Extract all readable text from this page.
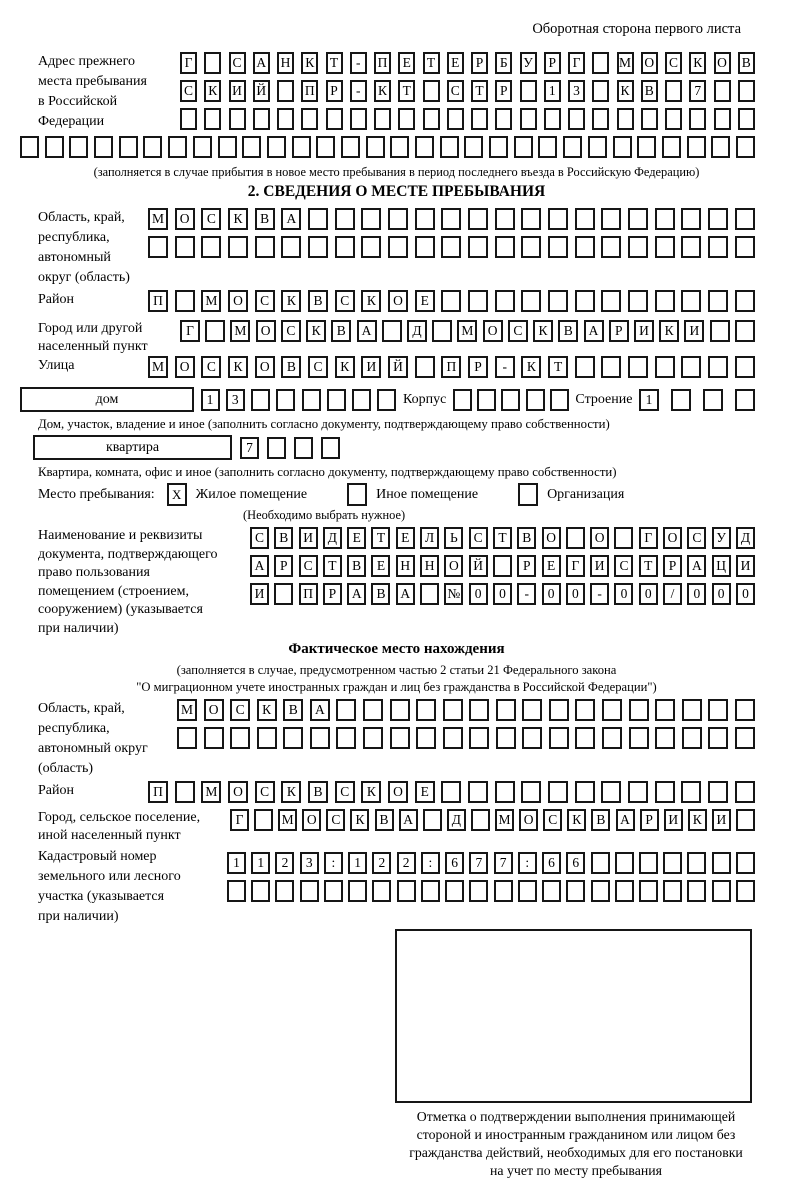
Оборотная сторона первого листа
Адрес прежнего
места пребывания
в Российской
Федерации
Г	С А Н К	Т	-	П	Е	Т	Е	Р	Б	У	Р	Г	М О С К О В
С К И Й	П	Р	-	К	Т	С	Т	Р	1	3	К В	7
(заполняется в случае прибытия в новое место пребывания в период последнего въезда в Российскую Федерацию)
2. СВЕДЕНИЯ О МЕСТЕ ПРЕБЫВАНИЯ
Область, край,
республика,
автономный
округ (область)
М	О	С	К	В	А
Район	П	М	О	С	К	В	С	К	О	Е
Город или другой
населенный пункт
Г	М	О	С	К	В	А	Д	М	О	С	К	В	А	Р	И	К	И
Улица	М	О	С	К	О	В	С	К	И	Й	П	Р	-	К	Т
дом	1	3	Корпус	Строение 1
Дом, участок, владение и иное (заполнить согласно документу, подтверждающему право собственности)
квартира	7
Квартира, комната, офис и иное (заполнить согласно документу, подтверждающему право собственности)
Место пребывания:	X	Жилое помещение	Иное помещение	Организация
(Необходимо выбрать нужное)
Наименование и реквизиты
документа, подтверждающего
право пользования
помещением (строением,
сооружением) (указывается
при наличии)
С	В	И	Д	Е	Т	Е	Л	Ь	С	Т	В	О	О	Г	О	С	У	Д
А	Р	С	Т	В	Е	Н	Н	О	Й	Р	Е	Г	И	С	Т	Р	А	Ц	И
И	П	Р	А	В	А	№	0	0	-	0	0	-	0	0	/	0	0	0
Фактическое место нахождения
(заполняется в случае, предусмотренном частью 2 статьи 21 Федерального закона
"О миграционном учете иностранных граждан и лиц без гражданства в Российской Федерации")
Область, край,
республика,
автономный округ
(область)
М	О	С	К	В	А
Район	П	М	О	С	К	В	С	К	О	Е
Город, сельское поселение,
иной населенный пункт
Г	М О	С	К	В	А	Д	М О	С	К	В	А	Р	И	К	И
Кадастровый номер
земельного или лесного
участка (указывается
при наличии)
1	1	2	3	:	1	2	2	:	6	7	7	:	6	6
Отметка о подтверждении выполнения принимающей
стороной и иностранным гражданином или лицом без
гражданства действий, необходимых для его постановки
на учет по месту пребывания
